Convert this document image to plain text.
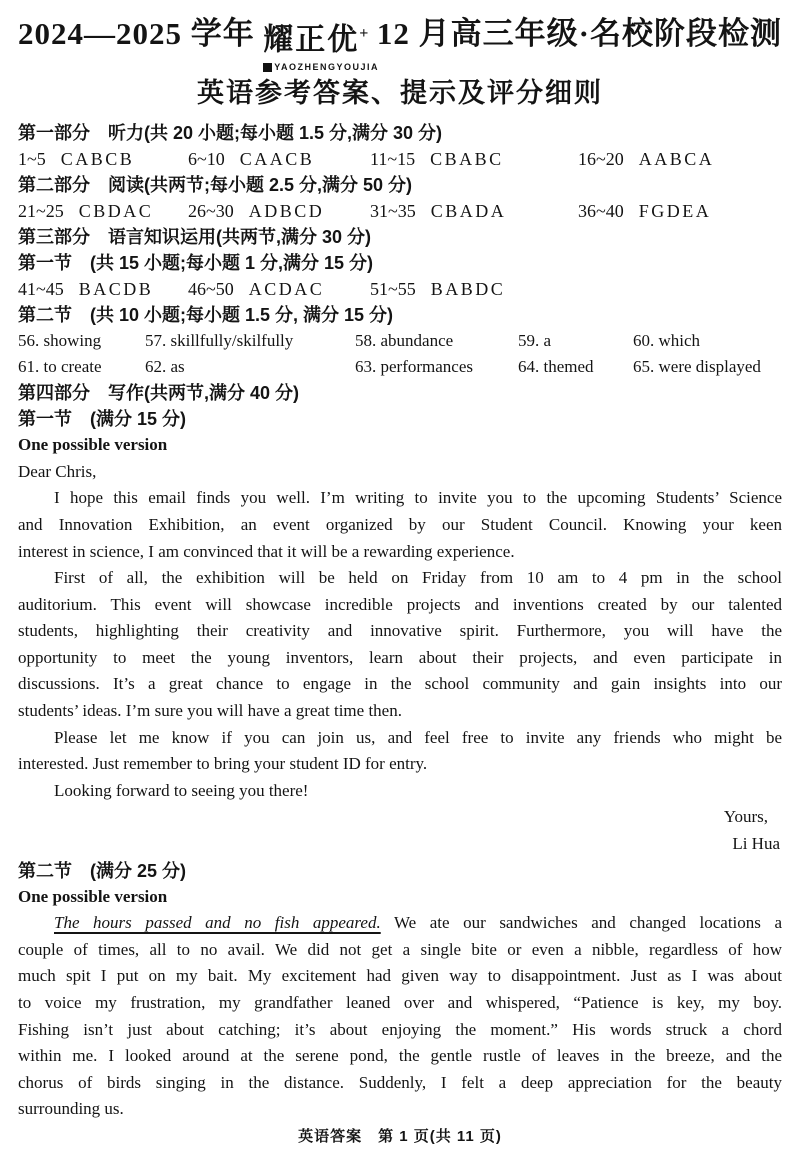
2024—2025 学年 耀正优+
YAOZHENGYOUJIA
12 月高三年级·名校阶段检测
英语参考答案、提示及评分细则
第一部分　听力(共 20 小题;每小题 1.5 分,满分 30 分)
1~5 CABCB	6~10 CAACB	11~15 CBABC	16~20 AABCA
第二部分　阅读(共两节;每小题 2.5 分,满分 50 分)
21~25 CBDAC	26~30 ADBCD	31~35 CBADA	36~40 FGDEA
第三部分　语言知识运用(共两节,满分 30 分)
第一节　(共 15 小题;每小题 1 分,满分 15 分)
41~45 BACDB	46~50 ACDAC	51~55 BABDC
第二节　(共 10 小题;每小题 1.5 分, 满分 15 分)
56. showing	57. skillfully/skilfully	58. abundance	59. a	60. which
61. to create	62. as	63. performances	64. themed	65. were displayed
第四部分　写作(共两节,满分 40 分)
第一节　(满分 15 分)
One possible version
Dear Chris,
I hope this email finds you well. I’m writing to invite you to the upcoming Students’ Science
and Innovation Exhibition, an event organized by our Student Council. Knowing your keen
interest in science, I am convinced that it will be a rewarding experience.
First of all, the exhibition will be held on Friday from 10 am to 4 pm in the school
auditorium. This event will showcase incredible projects and inventions created by our talented
students, highlighting their creativity and innovative spirit. Furthermore, you will have the
opportunity to meet the young inventors, learn about their projects, and even participate in
discussions. It’s a great chance to engage in the school community and gain insights into our
students’ ideas. I’m sure you will have a great time then.
Please let me know if you can join us, and feel free to invite any friends who might be
interested. Just remember to bring your student ID for entry.
Looking forward to seeing you there!
Yours,
Li Hua
第二节　(满分 25 分)
One possible version
The hours passed and no fish appeared. We ate our sandwiches and changed locations a
couple of times, all to no avail. We did not get a single bite or even a nibble, regardless of how
much spit I put on my bait. My excitement had given way to disappointment. Just as I was about
to voice my frustration, my grandfather leaned over and whispered, “Patience is key, my boy.
Fishing isn’t just about catching; it’s about enjoying the moment.” His words struck a chord
within me. I looked around at the serene pond, the gentle rustle of leaves in the breeze, and the
chorus of birds singing in the distance. Suddenly, I felt a deep appreciation for the beauty
surrounding us.
英语答案　第 1 页(共 11 页)
